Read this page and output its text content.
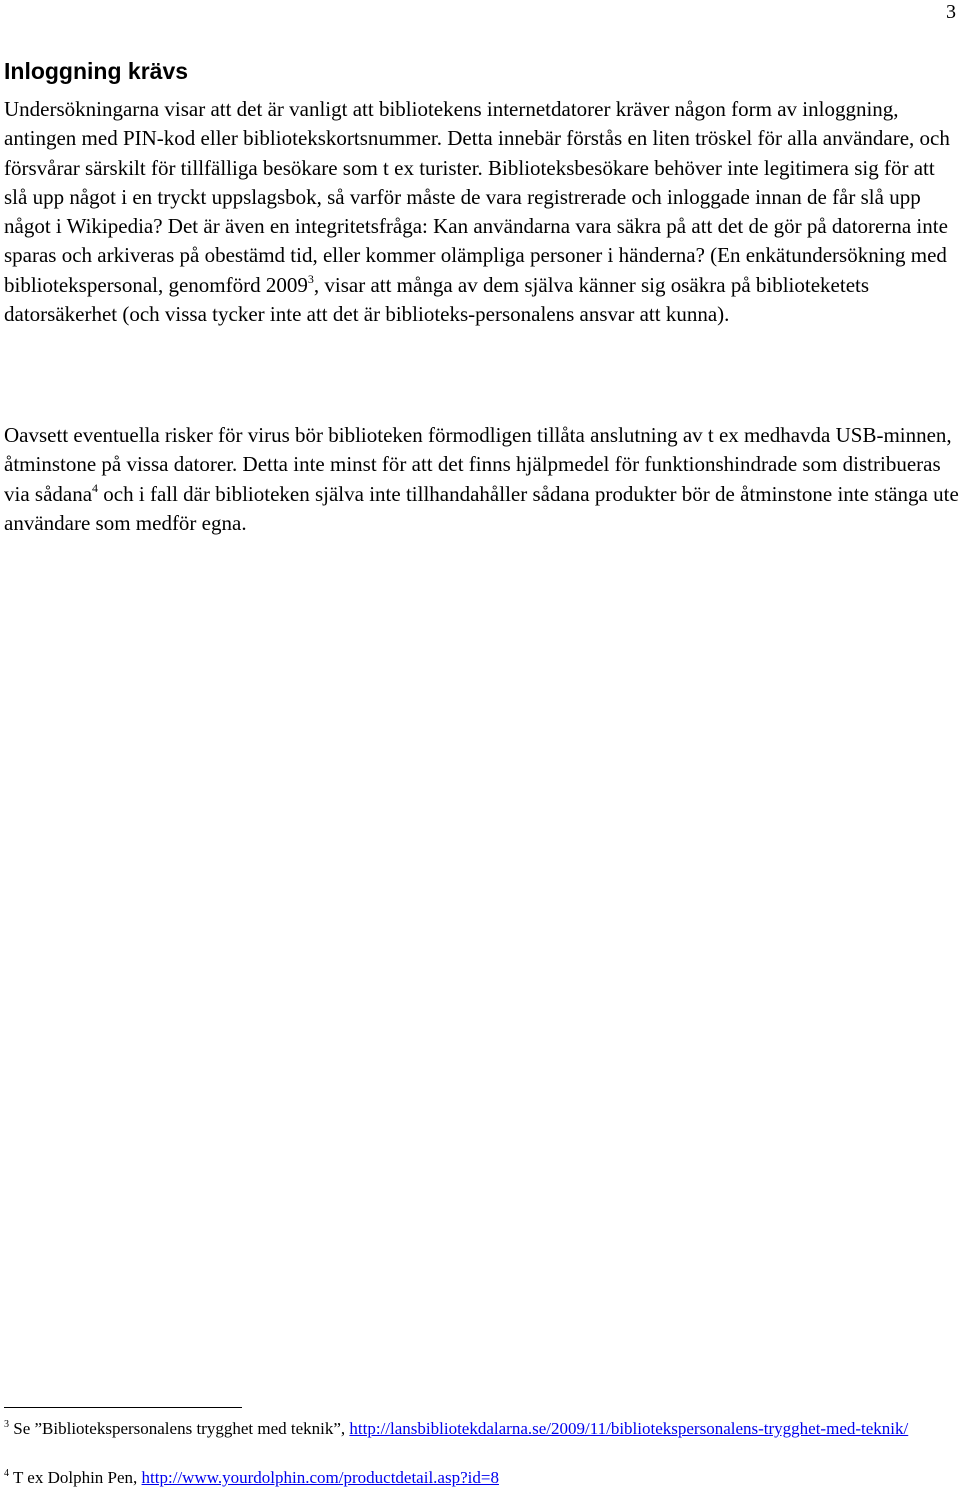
3
Inloggning krävs

Undersökningarna visar att det är vanligt att bibliotekens internetdatorer kräver någon form av inloggning, antingen med PIN-kod eller bibliotekskortsnummer. Detta innebär förstås en liten tröskel för alla användare, och försvårar särskilt för tillfälliga besökare som t ex turister. Biblioteksbesökare behöver inte legitimera sig för att slå upp något i en tryckt uppslagsbok, så varför måste de vara registrerade och inloggade innan de får slå upp något i Wikipedia? Det är även en integritetsfråga: Kan användarna vara säkra på att det de gör på datorerna inte sparas och arkiveras på obestämd tid, eller kommer olämpliga personer i händerna? (En enkätundersökning med bibliotekspersonal, genomförd 2009$^3$, visar att många av dem själva känner sig osäkra på biblioteketets datorsäkerhet (och vissa tycker inte att det är biblioteks-personalens ansvar att kunna).

Oavsett eventuella risker för virus bör biblioteken förmodligen tillåta anslutning av t ex medhavda USB-minnen, åtminstone på vissa datorer. Detta inte minst för att det finns hjälpmedel för funktionshindrade som distribueras via sådana$^4$ och i fall där biblioteken själva inte tillhandahåller sådana produkter bör de åtminstone inte stänga ute användare som medför egna.

$^3$ Se ”Bibliotekspersonalens trygghet med teknik”, http://lansbibliotekdalarna.se/2009/11/bibliotekspersonalens-trygghet-med-teknik/

$^4$ T ex Dolphin Pen, http://www.yourdolphin.com/productdetail.asp?id=8
